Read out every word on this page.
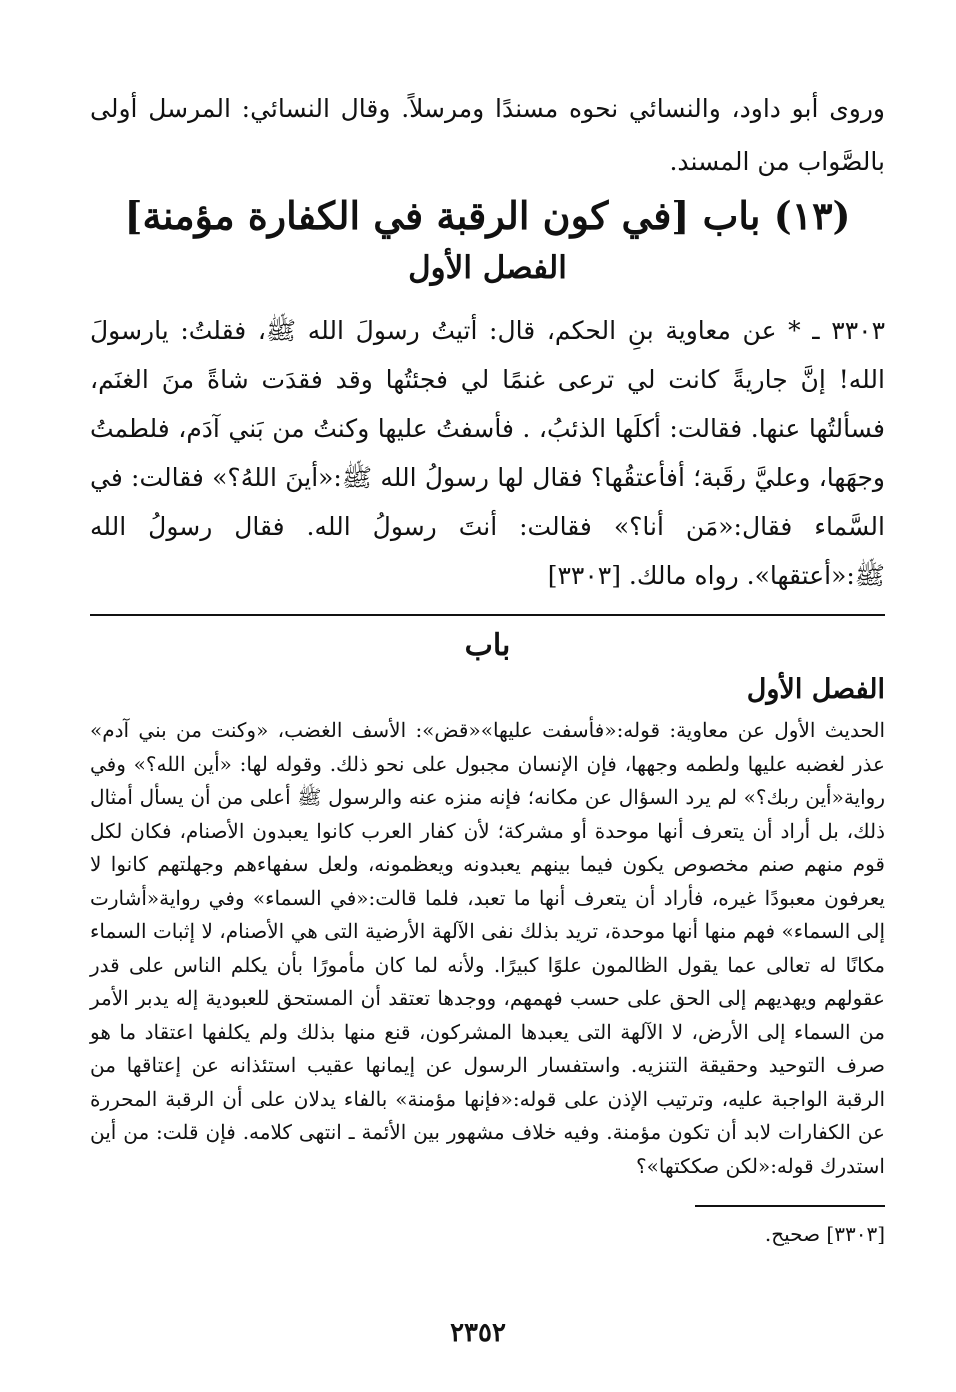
وروى أبو داود، والنسائي نحوه مسندًا ومرسلاً. وقال النسائي: المرسل أولى بالصَّواب من المسند.

(١٣) باب [في كون الرقبة في الكفارة مؤمنة]
الفصل الأول

٣٣٠٣ ـ * عن معاوية بنِ الحكم، قال: أتيتُ رسولَ الله ﷺ، فقلتُ: يارسولَ الله! إنَّ جاريةً كانت لي ترعى غنمًا لي فجئتُها وقد فقدَت شاةً منَ الغنَم، فسألتُها عنها. فقالت: أكلَها الذئبُ، . فأسفتُ عليها وكنتُ من بَني آدَم، فلطمتُ وجهَها، وعليَّ رقَبة؛ أفأعتقُها؟ فقال لها رسولُ الله ﷺ:«أينَ اللهُ؟» فقالت: في السَّماء فقال:«مَن أنا؟» فقالت: أنتَ رسولُ الله. فقال رسولُ الله ﷺ:«أعتقها». رواه مالك. [٣٣٠٣]

باب
الفصل الأول

الحديث الأول عن معاوية: قوله:«فأسفت عليها»«قض»: الأسف الغضب، «وكنت من بني آدم» عذر لغضبه عليها ولطمه وجهها، فإن الإنسان مجبول على نحو ذلك. وقوله لها: «أين الله؟» وفي رواية«أين ربك؟» لم يرد السؤال عن مكانه؛ فإنه منزه عنه والرسول ﷺ أعلى من أن يسأل أمثال ذلك، بل أراد أن يتعرف أنها موحدة أو مشركة؛ لأن كفار العرب كانوا يعبدون الأصنام، فكان لكل قوم منهم صنم مخصوص يكون فيما بينهم يعبدونه ويعظمونه، ولعل سفهاءهم وجهلتهم كانوا لا يعرفون معبودًا غيره، فأراد أن يتعرف أنها ما تعبد، فلما قالت:«في السماء» وفي رواية«أشارت إلى السماء» فهم منها أنها موحدة، تريد بذلك نفى الآلهة الأرضية التى هي الأصنام، لا إثبات السماء مكانًا له تعالى عما يقول الظالمون علوًا كبيرًا. ولأنه لما كان مأمورًا بأن يكلم الناس على قدر عقولهم ويهديهم إلى الحق على حسب فهمهم، ووجدها تعتقد أن المستحق للعبودية إله يدبر الأمر من السماء إلى الأرض، لا الآلهة التى يعبدها المشركون، قنع منها بذلك ولم يكلفها اعتقاد ما هو صرف التوحيد وحقيقة التنزيه. واستفسار الرسول عن إيمانها عقيب استئذانه عن إعتاقها من الرقبة الواجبة عليه، وترتيب الإذن على قوله:«فإنها مؤمنة» بالفاء يدلان على أن الرقبة المحررة عن الكفارات لابد أن تكون مؤمنة. وفيه خلاف مشهور بين الأئمة ـ انتهى كلامه. فإن قلت: من أين استدرك قوله:«لكن صككتها»؟

[٣٣٠٣] صحيح.

٢٣٥٢
